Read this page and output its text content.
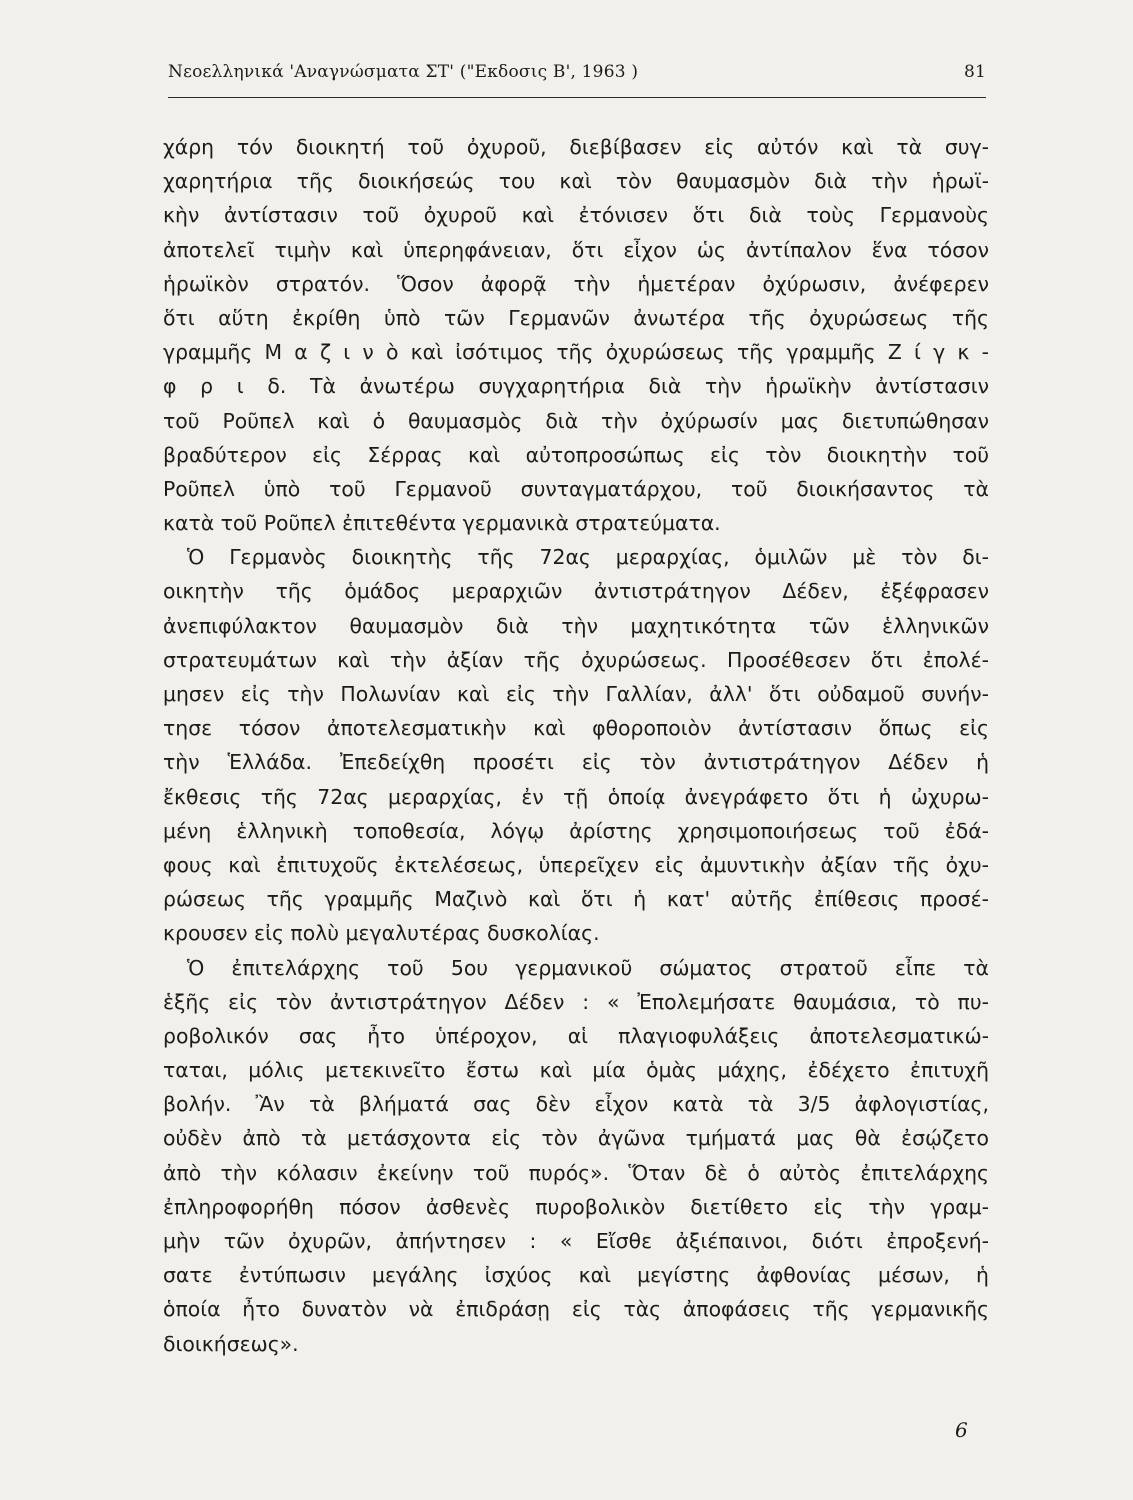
Νεοελληνικά 'Αναγνώσματα ΣΤ' ("Εκδοσις Β', 1963 )	81
χάρη τόν διοικητή τοῦ ὀχυροῦ, διεβίβασεν εἰς αὐτόν καὶ τὰ συγ-
χαρητήρια τῆς διοικήσεώς του καὶ τὸν θαυμασμὸν διὰ τὴν ἡρωϊ-
κὴν ἀντίστασιν τοῦ ὀχυροῦ καὶ ἐτόνισεν ὅτι διὰ τοὺς Γερμανοὺς
ἀποτελεῖ τιμὴν καὶ ὑπερηφάνειαν, ὅτι εἶχον ὡς ἀντίπαλον ἕνα τόσον
ἡρωϊκὸν στρατόν. Ὅσον ἀφορᾷ τὴν ἡμετέραν ὀχύρωσιν, ἀνέφερεν
ὅτι αὕτη ἐκρίθη ὑπὸ τῶν Γερμανῶν ἀνωτέρα τῆς ὀχυρώσεως τῆς
γραμμῆς Μ α ζ ι ν ὸ καὶ ἰσότιμος τῆς ὀχυρώσεως τῆς γραμμῆς Ζ ί γ κ -
φ ρ ι δ. Τὰ ἀνωτέρω συγχαρητήρια διὰ τὴν ἡρωϊκὴν ἀντίστασιν
τοῦ Ροῦπελ καὶ ὁ θαυμασμὸς διὰ τὴν ὀχύρωσίν μας διετυπώθησαν
βραδύτερον εἰς Σέρρας καὶ αὐτοπροσώπως εἰς τὸν διοικητὴν τοῦ
Ροῦπελ ὑπὸ τοῦ Γερμανοῦ συνταγματάρχου, τοῦ διοικήσαντος τὰ
κατὰ τοῦ Ροῦπελ ἐπιτεθέντα γερμανικὰ στρατεύματα.
Ὁ Γερμανὸς διοικητὴς τῆς 72ας μεραρχίας, ὁμιλῶν μὲ τὸν δι-
οικητὴν τῆς ὁμάδος μεραρχιῶν ἀντιστράτηγον Δέδεν, ἐξέφρασεν
ἀνεπιφύλακτον θαυμασμὸν διὰ τὴν μαχητικότητα τῶν ἑλληνικῶν
στρατευμάτων καὶ τὴν ἀξίαν τῆς ὀχυρώσεως. Προσέθεσεν ὅτι ἐπολέ-
μησεν εἰς τὴν Πολωνίαν καὶ εἰς τὴν Γαλλίαν, ἀλλ' ὅτι οὐδαμοῦ συνήν-
τησε τόσον ἀποτελεσματικὴν καὶ φθοροποιὸν ἀντίστασιν ὅπως εἰς
τὴν Ἑλλάδα. Ἐπεδείχθη προσέτι εἰς τὸν ἀντιστράτηγον Δέδεν ἡ
ἔκθεσις τῆς 72ας μεραρχίας, ἐν τῇ ὁποίᾳ ἀνεγράφετο ὅτι ἡ ὠχυρω-
μένη ἑλληνικὴ τοποθεσία, λόγῳ ἀρίστης χρησιμοποιήσεως τοῦ ἐδά-
φους καὶ ἐπιτυχοῦς ἐκτελέσεως, ὑπερεῖχεν εἰς ἀμυντικὴν ἀξίαν τῆς ὀχυ-
ρώσεως τῆς γραμμῆς Μαζινὸ καὶ ὅτι ἡ κατ' αὐτῆς ἐπίθεσις προσέ-
κρουσεν εἰς πολὺ μεγαλυτέρας δυσκολίας.
Ὁ ἐπιτελάρχης τοῦ 5ου γερμανικοῦ σώματος στρατοῦ εἶπε τὰ
ἑξῆς εἰς τὸν ἀντιστράτηγον Δέδεν : « Ἐπολεμήσατε θαυμάσια, τὸ πυ-
ροβολικόν σας ἦτο ὑπέροχον, αἱ πλαγιοφυλάξεις ἀποτελεσματικώ-
ταται, μόλις μετεκινεῖτο ἔστω καὶ μία ὁμὰς μάχης, ἐδέχετο ἐπιτυχῆ
βολήν. Ἂν τὰ βλήματά σας δὲν εἶχον κατὰ τὰ 3/5 ἀφλογιστίας,
οὐδὲν ἀπὸ τὰ μετάσχοντα εἰς τὸν ἀγῶνα τμήματά μας θὰ ἐσῴζετο
ἀπὸ τὴν κόλασιν ἐκείνην τοῦ πυρός». Ὅταν δὲ ὁ αὐτὸς ἐπιτελάρχης
ἐπληροφορήθη πόσον ἀσθενὲς πυροβολικὸν διετίθετο εἰς τὴν γραμ-
μὴν τῶν ὀχυρῶν, ἀπήντησεν : « Εἴσθε ἀξιέπαινοι, διότι ἐπροξενή-
σατε ἐντύπωσιν μεγάλης ἰσχύος καὶ μεγίστης ἀφθονίας μέσων, ἡ
ὁποία ἦτο δυνατὸν νὰ ἐπιδράσῃ εἰς τὰς ἀποφάσεις τῆς γερμανικῆς
διοικήσεως».
6
